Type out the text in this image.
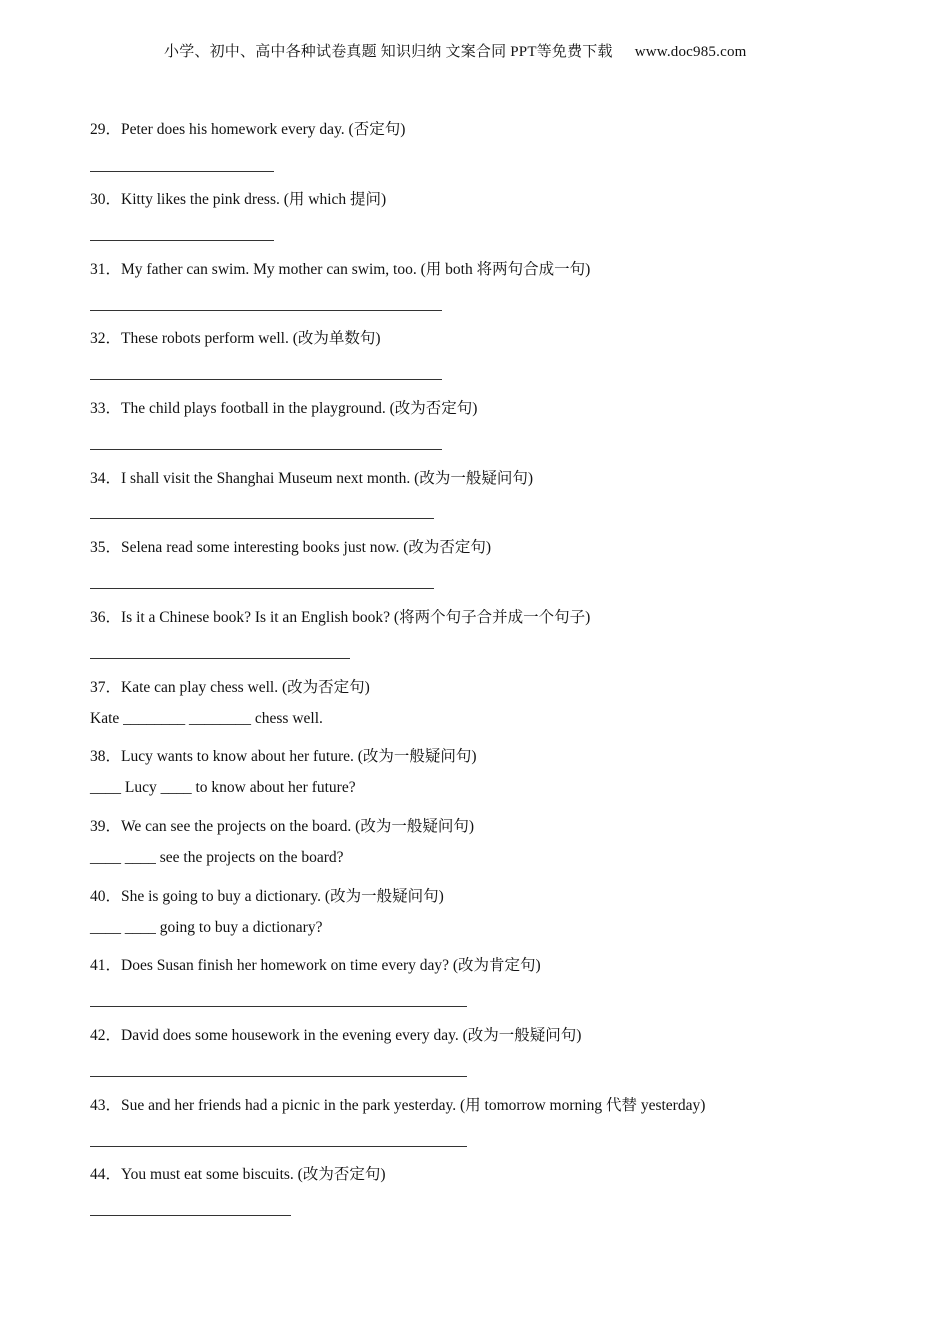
小学、初中、高中各种试卷真题 知识归纳 文案合同 PPT等免费下载 www.doc985.com
29．Peter does his homework every day. (否定句)
30．Kitty likes the pink dress. (用 which 提问)
31．My father can swim. My mother can swim, too. (用 both 将两句合成一句)
32．These robots perform well. (改为单数句)
33．The child plays football in the playground. (改为否定句)
34．I shall visit the Shanghai Museum next month. (改为一般疑问句)
35．Selena read some interesting books just now. (改为否定句)
36．Is it a Chinese book? Is it an English book? (将两个句子合并成一个句子)
37．Kate can play chess well. (改为否定句)
Kate ________ ________ chess well.
38．Lucy wants to know about her future. (改为一般疑问句)
____ Lucy ____ to know about her future?
39．We can see the projects on the board. (改为一般疑问句)
____ ____ see the projects on the board?
40．She is going to buy a dictionary. (改为一般疑问句)
____ ____ going to buy a dictionary?
41．Does Susan finish her homework on time every day? (改为肯定句)
42．David does some housework in the evening every day. (改为一般疑问句)
43．Sue and her friends had a picnic in the park yesterday. (用 tomorrow morning 代替 yesterday)
44．You must eat some biscuits. (改为否定句)
